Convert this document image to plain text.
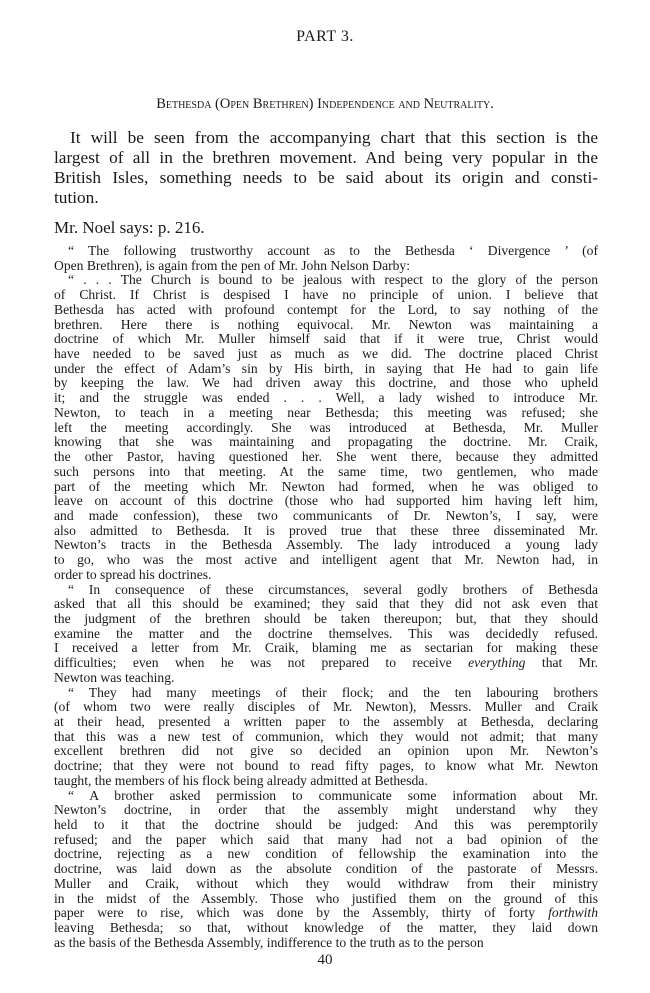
PART 3.
Bethesda (Open Brethren) Independence and Neutrality.
It will be seen from the accompanying chart that this section is the
largest of all in the brethren movement. And being very popular in the
British Isles, something needs to be said about its origin and consti-
tution.
Mr. Noel says: p. 216.
“ The following trustworthy account as to the Bethesda ‘ Divergence ’ (of
Open Brethren), is again from the pen of Mr. John Nelson Darby:
“ . . . The Church is bound to be jealous with respect to the glory of the person
of Christ. If Christ is despised I have no principle of union. I believe that
Bethesda has acted with profound contempt for the Lord, to say nothing of the
brethren. Here there is nothing equivocal. Mr. Newton was maintaining a
doctrine of which Mr. Muller himself said that if it were true, Christ would
have needed to be saved just as much as we did. The doctrine placed Christ
under the effect of Adam’s sin by His birth, in saying that He had to gain life
by keeping the law. We had driven away this doctrine, and those who upheld
it; and the struggle was ended . . . Well, a lady wished to introduce Mr.
Newton, to teach in a meeting near Bethesda; this meeting was refused; she
left the meeting accordingly. She was introduced at Bethesda, Mr. Muller
knowing that she was maintaining and propagating the doctrine. Mr. Craik,
the other Pastor, having questioned her. She went there, because they admitted
such persons into that meeting. At the same time, two gentlemen, who made
part of the meeting which Mr. Newton had formed, when he was obliged to
leave on account of this doctrine (those who had supported him having left him,
and made confession), these two communicants of Dr. Newton’s, I say, were
also admitted to Bethesda. It is proved true that these three disseminated Mr.
Newton’s tracts in the Bethesda Assembly. The lady introduced a young lady
to go, who was the most active and intelligent agent that Mr. Newton had, in
order to spread his doctrines.
“ In consequence of these circumstances, several godly brothers of Bethesda
asked that all this should be examined; they said that they did not ask even that
the judgment of the brethren should be taken thereupon; but, that they should
examine the matter and the doctrine themselves. This was decidedly refused.
I received a letter from Mr. Craik, blaming me as sectarian for making these
difficulties; even when he was not prepared to receive everything that Mr.
Newton was teaching.
“ They had many meetings of their flock; and the ten labouring brothers
(of whom two were really disciples of Mr. Newton), Messrs. Muller and Craik
at their head, presented a written paper to the assembly at Bethesda, declaring
that this was a new test of communion, which they would not admit; that many
excellent brethren did not give so decided an opinion upon Mr. Newton’s
doctrine; that they were not bound to read fifty pages, to know what Mr. Newton
taught, the members of his flock being already admitted at Bethesda.
“ A brother asked permission to communicate some information about Mr.
Newton’s doctrine, in order that the assembly might understand why they
held to it that the doctrine should be judged: And this was peremptorily
refused; and the paper which said that many had not a bad opinion of the
doctrine, rejecting as a new condition of fellowship the examination into the
doctrine, was laid down as the absolute condition of the pastorate of Messrs.
Muller and Craik, without which they would withdraw from their ministry
in the midst of the Assembly. Those who justified them on the ground of this
paper were to rise, which was done by the Assembly, thirty of forty forthwith
leaving Bethesda; so that, without knowledge of the matter, they laid down
as the basis of the Bethesda Assembly, indifference to the truth as to the person
40
